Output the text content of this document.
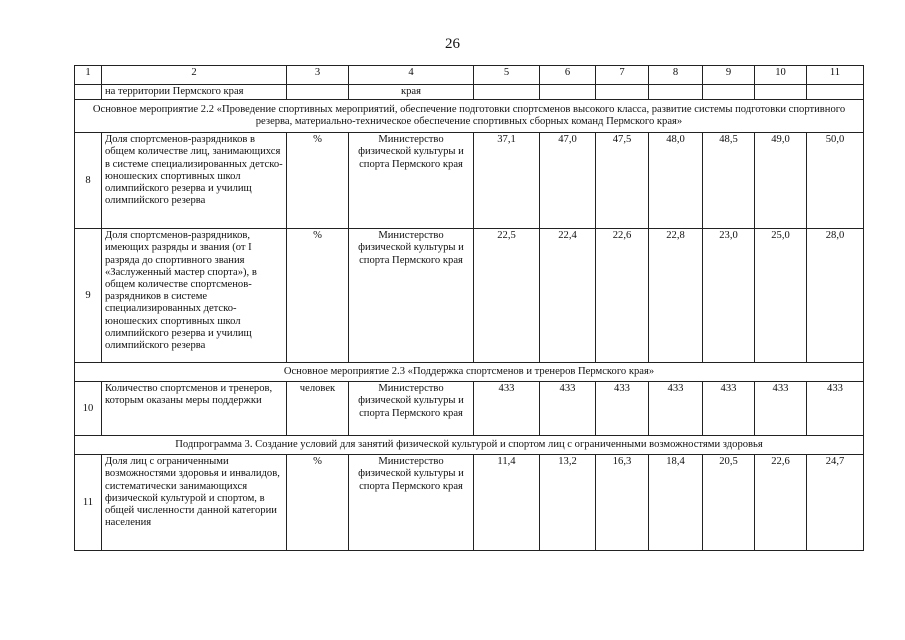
26
1	2	3	4	5	6	7	8	9	10	11
	на территории Пермского края		края							
Основное мероприятие 2.2 «Проведение спортивных мероприятий, обеспечение подготовки спортсменов высокого класса, развитие системы подготовки спортивного резерва, материально-техническое обеспечение спортивных сборных команд Пермского края»										
8	Доля спортсменов-разрядников в общем количестве лиц, занимающихся в системе специализированных детско-юношеских спортивных школ олимпийского резерва и училищ олимпийского резерва	%	Министерство физической культуры и спорта Пермского края	37,1	47,0	47,5	48,0	48,5	49,0	50,0
9	Доля спортсменов-разрядников, имеющих разряды и звания (от I разряда до спортивного звания «Заслуженный мастер спорта»), в общем количестве спортсменов-разрядников в системе специализированных детско-юношеских спортивных школ олимпийского резерва и училищ олимпийского резерва	%	Министерство физической культуры и спорта Пермского края	22,5	22,4	22,6	22,8	23,0	25,0	28,0
Основное мероприятие 2.3 «Поддержка спортсменов и тренеров Пермского края»										
10	Количество спортсменов и тренеров, которым оказаны меры поддержки	человек	Министерство физической культуры и спорта Пермского края	433	433	433	433	433	433	433
Подпрограмма 3. Создание условий для занятий физической культурой и спортом лиц с ограниченными возможностями здоровья										
11	Доля лиц с ограниченными возможностями здоровья и инвалидов, систематически занимающихся физической культурой и спортом, в общей численности данной категории населения	%	Министерство физической культуры и спорта Пермского края	11,4	13,2	16,3	18,4	20,5	22,6	24,7
